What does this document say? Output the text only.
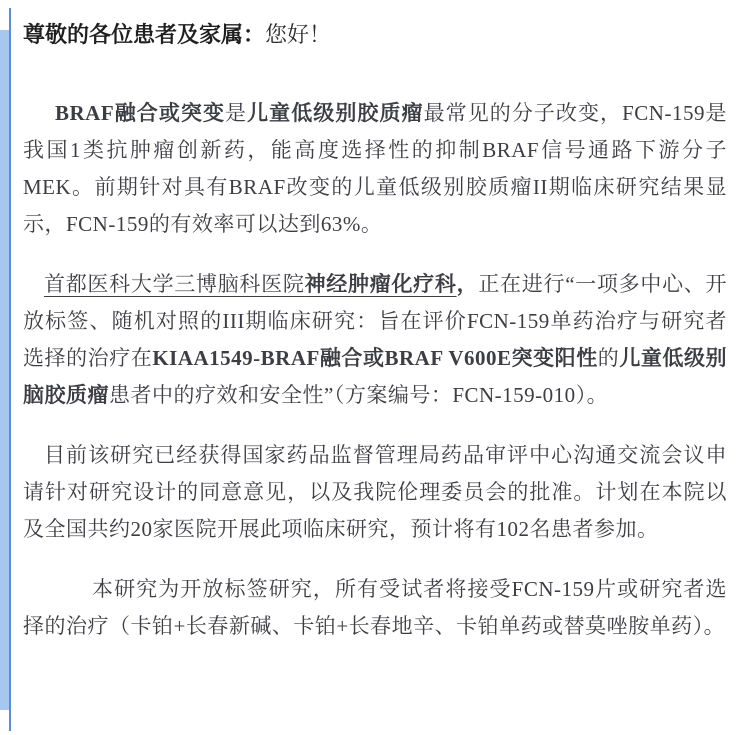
尊敬的各位患者及家属：您好！

BRAF融合或突变是儿童低级别胶质瘤最常见的分子改变，FCN-159是我国1类抗肿瘤创新药，能高度选择性的抑制BRAF信号通路下游分子MEK。前期针对具有BRAF改变的儿童低级别胶质瘤II期临床研究结果显示，FCN-159的有效率可以达到63%。

首都医科大学三博脑科医院神经肿瘤化疗科，正在进行“一项多中心、开放标签、随机对照的III期临床研究：旨在评价FCN-159单药治疗与研究者选择的治疗在KIAA1549-BRAF融合或BRAF V600E突变阳性的儿童低级别脑胶质瘤患者中的疗效和安全性”（方案编号：FCN-159-010）。

目前该研究已经获得国家药品监督管理局药品审评中心沟通交流会议申请针对研究设计的同意意见，以及我院伦理委员会的批准。计划在本院以及全国共约20家医院开展此项临床研究，预计将有102名患者参加。

本研究为开放标签研究，所有受试者将接受FCN-159片或研究者选择的治疗（卡铂+长春新碱、卡铂+长春地辛、卡铂单药或替莫唑胺单药）。
